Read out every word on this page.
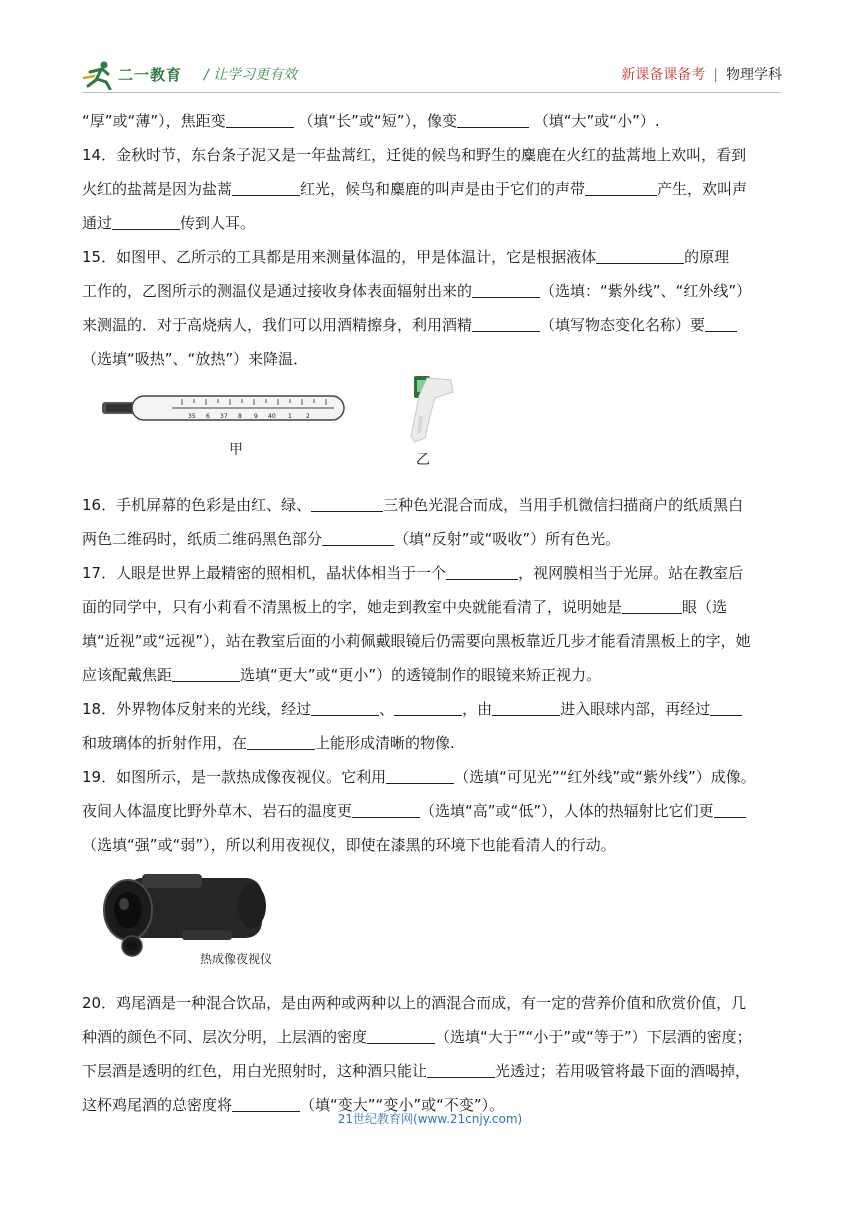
二一教育 / 让学习更有效	新课备课备考 | 物理学科

“厚”或“薄”），焦距变	（填“长”或“短”），像变	（填“大”或“小”）.

14．金秋时节，东台条子泥又是一年盐蒿红，迁徙的候鸟和野生的麋鹿在火红的盐蒿地上欢叫，看到

火红的盐蒿是因为盐蒿	红光，候鸟和麋鹿的叫声是由于它们的声带	产生，欢叫声

通过	传到人耳。

15．如图甲、乙所示的工具都是用来测量体温的，甲是体温计，它是根据液体	的原理

工作的，乙图所示的测温仪是通过接收身体表面辐射出来的	（选填：“紫外线”、“红外线”）

来测温的．对于高烧病人，我们可以用酒精擦身，利用酒精	（填写物态变化名称）要

（选填“吸热”、“放热”）来降温．

35 6 37 8 9 40 1 2
甲
乙

16．手机屏幕的色彩是由红、绿、	三种色光混合而成，当用手机微信扫描商户的纸质黑白

两色二维码时，纸质二维码黑色部分	（填“反射”或“吸收”）所有色光。

17．人眼是世界上最精密的照相机，晶状体相当于一个	，视网膜相当于光屏。站在教室后

面的同学中，只有小莉看不清黑板上的字，她走到教室中央就能看清了，说明她是	眼（选

填“近视”或“远视”），站在教室后面的小莉佩戴眼镜后仍需要向黑板靠近几步才能看清黑板上的字，她

应该配戴焦距	选填“更大”或“更小”）的透镜制作的眼镜来矫正视力。

18．外界物体反射来的光线，经过	、	，由	进入眼球内部，再经过

和玻璃体的折射作用，在	上能形成清晰的物像.

19．如图所示，是一款热成像夜视仪。它利用	（选填“可见光”“红外线”或“紫外线”）成像。

夜间人体温度比野外草木、岩石的温度更	（选填“高”或“低”），人体的热辐射比它们更

（选填“强”或“弱”），所以利用夜视仪，即使在漆黑的环境下也能看清人的行动。

热成像夜视仪

20．鸡尾酒是一种混合饮品，是由两种或两种以上的酒混合而成，有一定的营养价值和欣赏价值，几

种酒的颜色不同、层次分明，上层酒的密度	（选填“大于”“小于”或“等于”）下层酒的密度；

下层酒是透明的红色，用白光照射时，这种酒只能让	光透过；若用吸管将最下面的酒喝掉，

这杯鸡尾酒的总密度将	（填“变大”“变小”或“不变”）。

21世纪教育网(www.21cnjy.com)
